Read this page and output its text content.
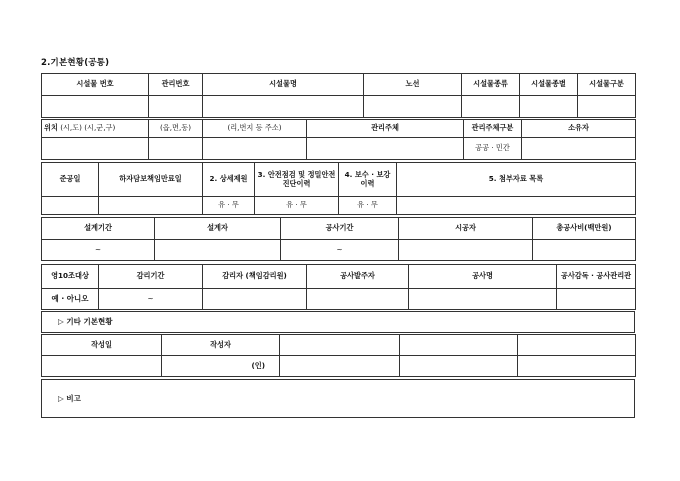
2.기본현황(공통)
시설물 번호	관리번호	시설물명	노선	시설물종류	시설물종별	시설물구분

위치 (시,도) (시,군,구)	(읍,면,동)	(리,번지 등 주소)	관리주체	관리주체구분	소유자
				공공 · 민간	
준공일	하자담보책임만료일	2. 상세제원	3. 안전점검 및 정밀안전진단이력	4. 보수 · 보강 이력	5. 첨부자료 목록
		유 · 무	유 · 무	유 · 무	
설계기간	설계자	공사기간	시공자	총공사비(백만원)
~		~		
영10조대상	감리기간	감리자 (책임감리원)	공사발주자	공사명	공사감독 · 공사관리관
예 · 아니오	~				
▷ 기타 기본현황
작성일	작성자			
	(인)			
▷ 비고
